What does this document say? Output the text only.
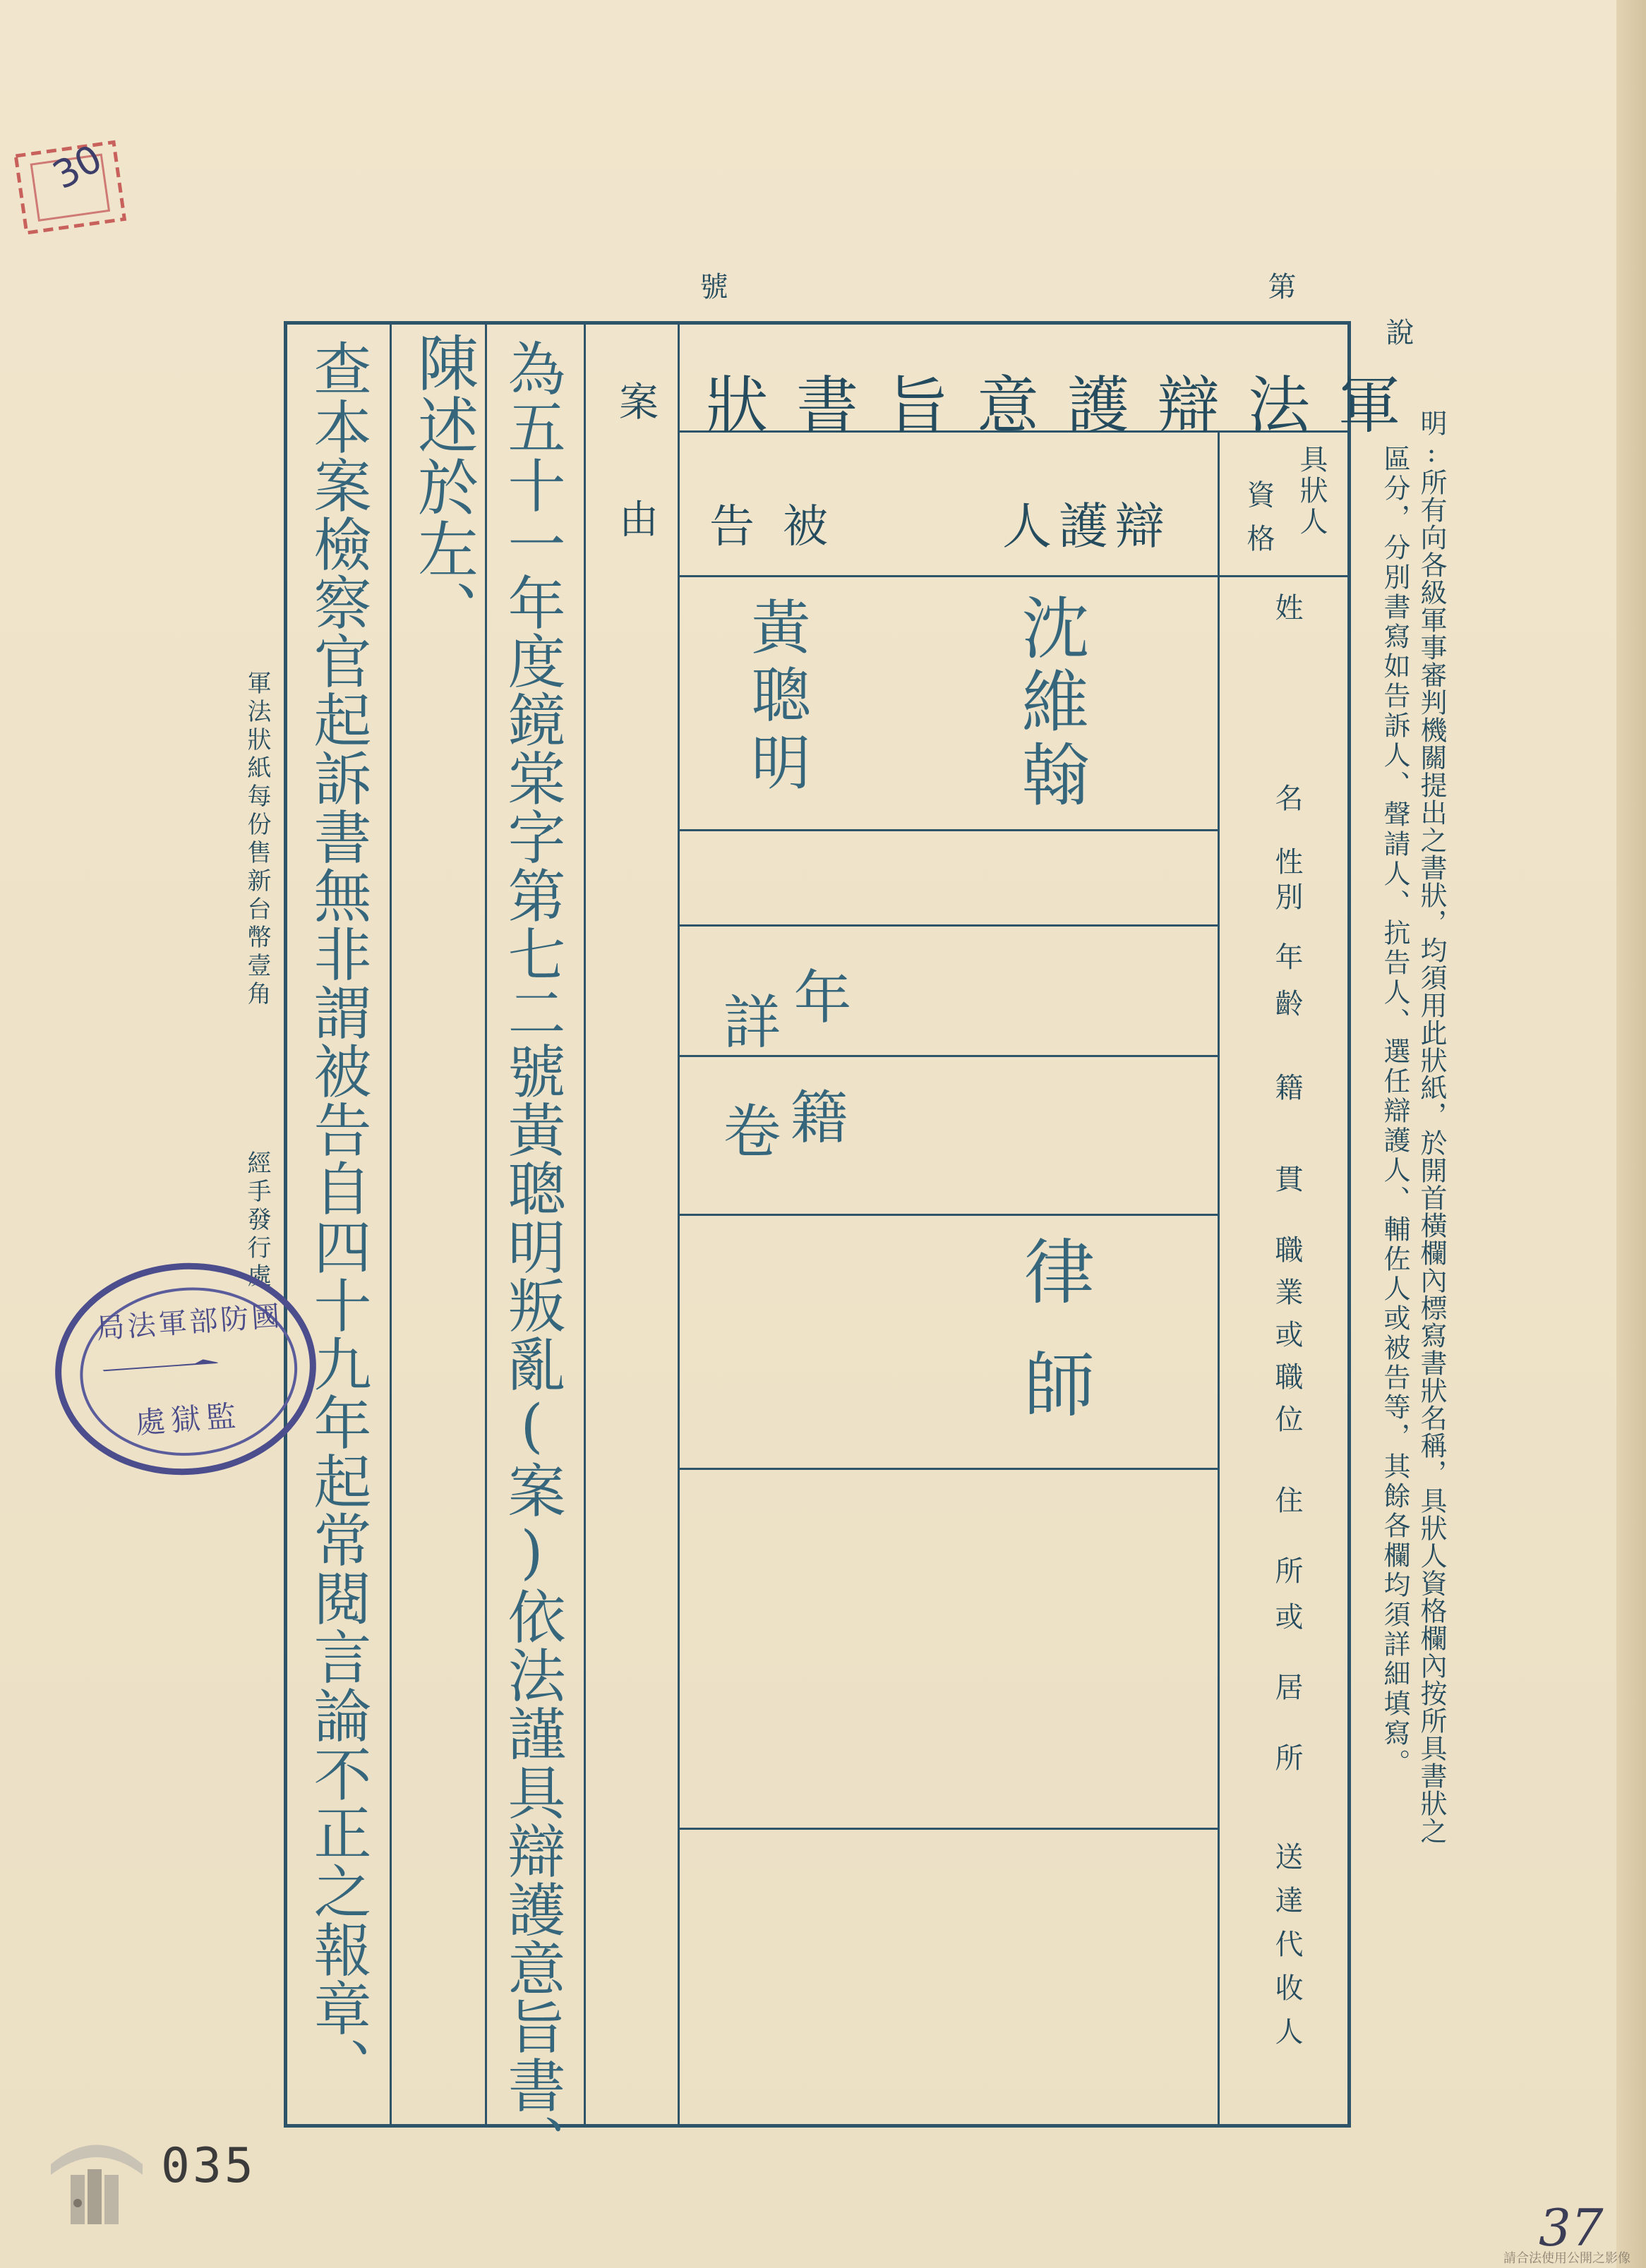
30
號	第
說
明:所有向各級軍事審判機關提出之書狀，均須用此狀紙，於開首橫欄內標寫書狀名稱，具狀人資格欄內按所具書狀之
區分，分別書寫如告訴人、聲請人、抗告人、選任辯護人、輔佐人或被告等，其餘各欄均須詳細填寫。
軍法辯護意旨書狀
案由	具狀人
資格
姓
名
性別
年齡
籍
貫
職業或職位
住所
或居所
送達代收人
辯護人
被告
沈維翰
律師
黃聰明
年
詳
籍
卷
為五十一年度鏡棠字第七二號黃聰明叛亂(案)依法謹具辯護意旨書、
陳述於左、
查本案檢察官起訴書無非謂被告自四十九年起常閱言論不正之報章、
軍法狀紙每份售新台幣壹角
經手發行處
國防部軍法局
一
監獄處
035
37
請合法使用公開之影像
